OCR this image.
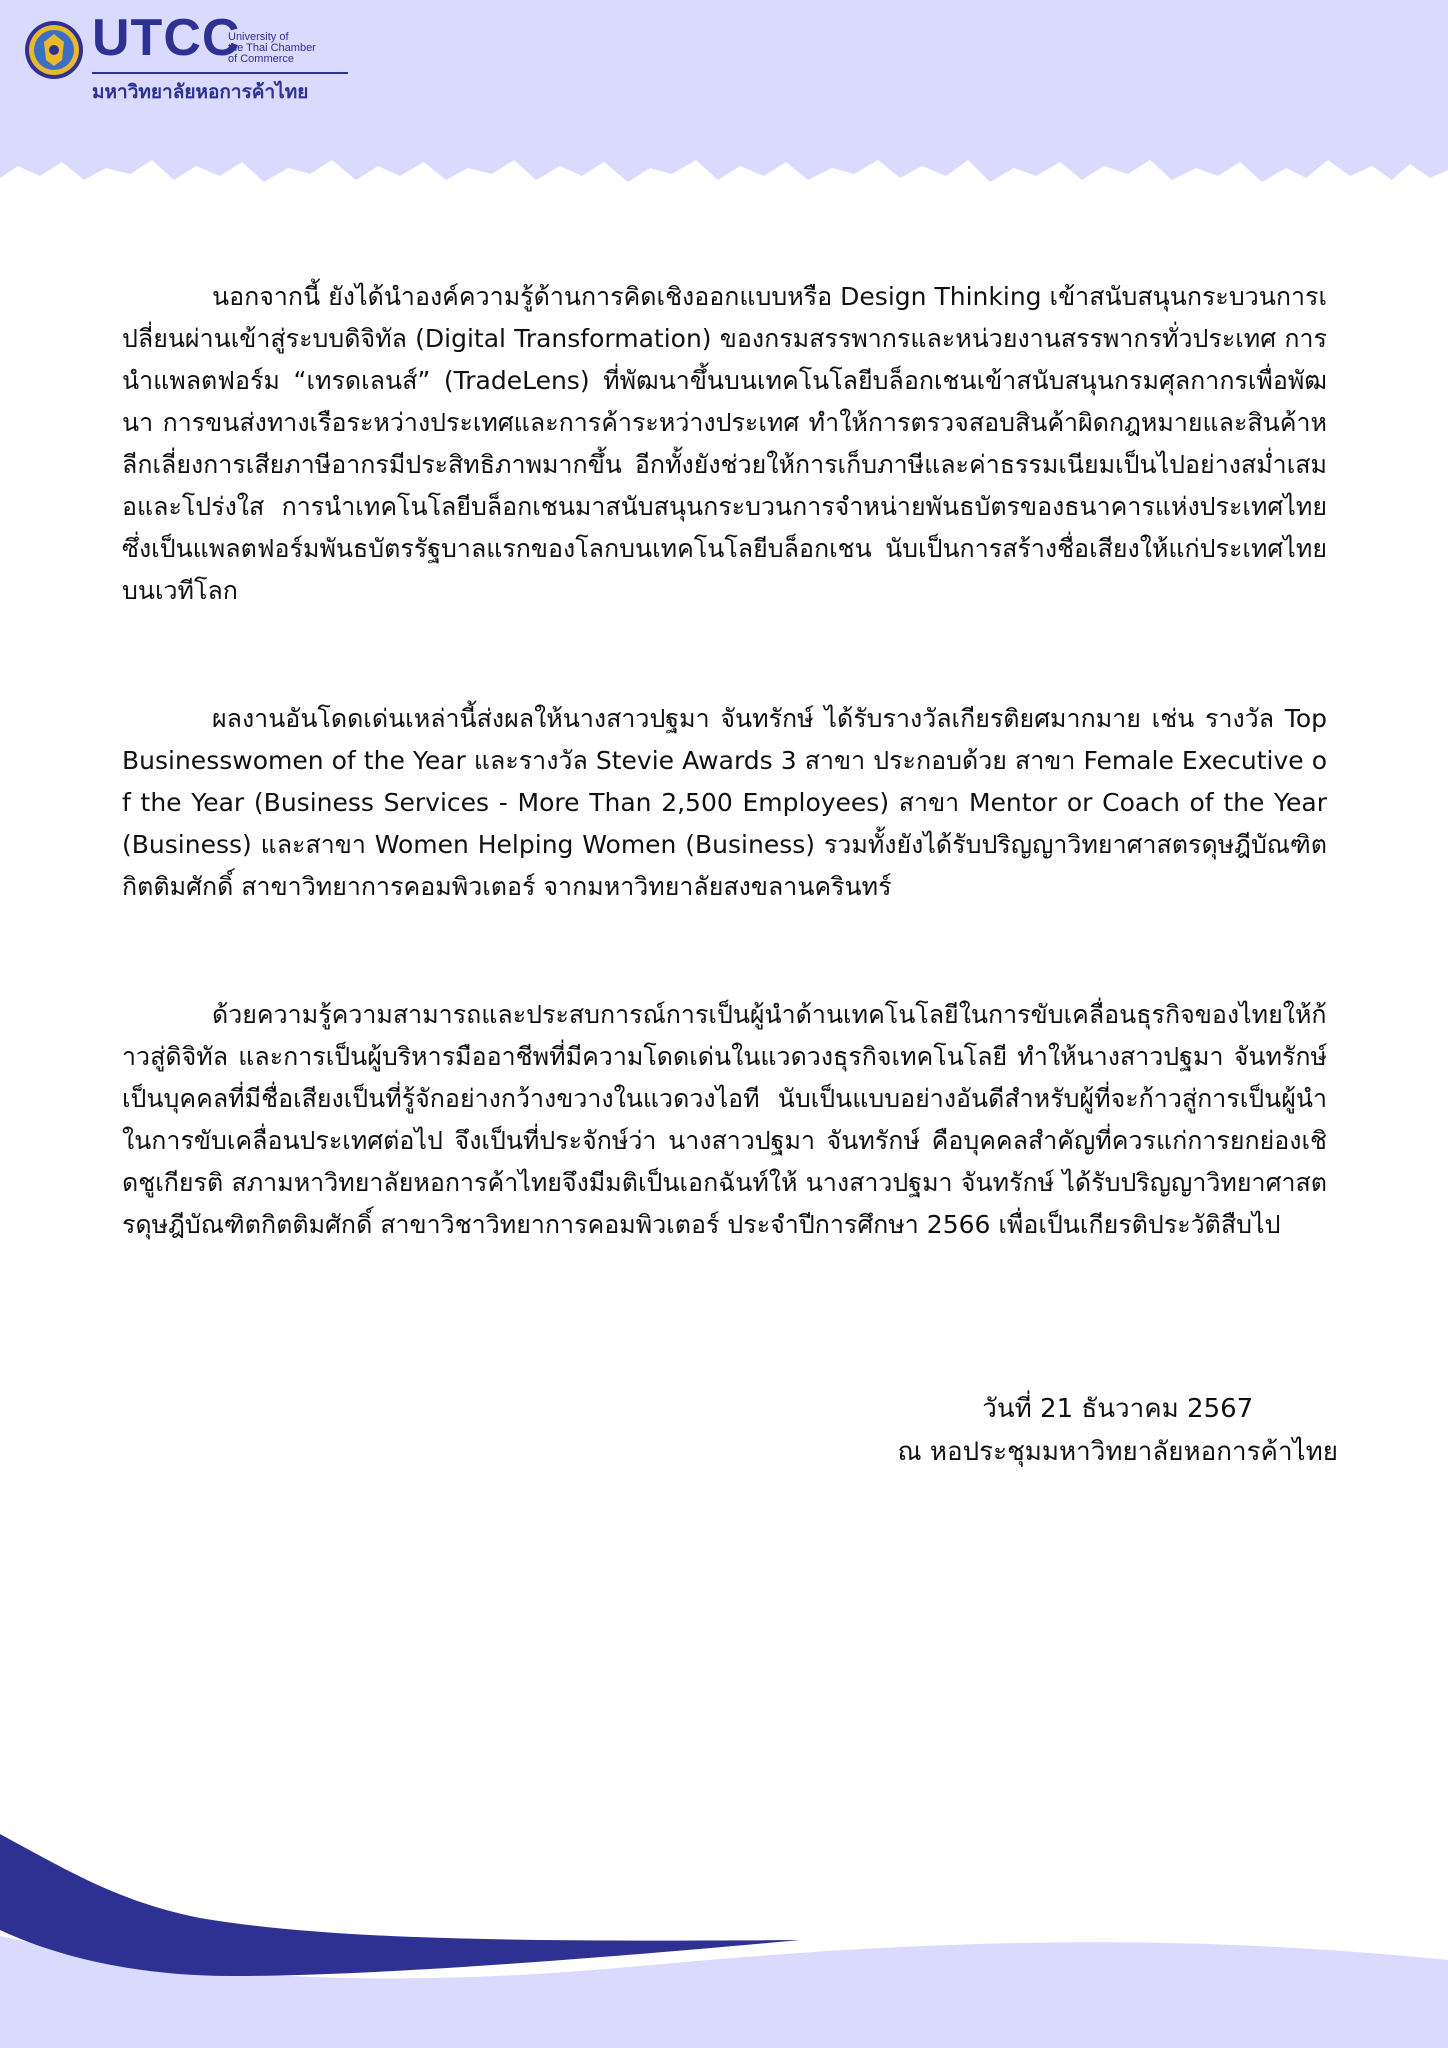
UTCC
University of
the Thai Chamber
of Commerce
มหาวิทยาลัยหอการค้าไทย

นอกจากนี้ ยังได้นำองค์ความรู้ด้านการคิดเชิงออกแบบหรือ Design Thinking เข้าสนับสนุนกระบวนการเปลี่ยนผ่านเข้าสู่ระบบดิจิทัล (Digital Transformation) ของกรมสรรพากรและหน่วยงานสรรพากรทั่วประเทศ การนำแพลตฟอร์ม “เทรดเลนส์” (TradeLens) ที่พัฒนาขึ้นบนเทคโนโลยีบล็อกเชนเข้าสนับสนุนกรมศุลกากรเพื่อพัฒนา การขนส่งทางเรือระหว่างประเทศและการค้าระหว่างประเทศ ทำให้การตรวจสอบสินค้าผิดกฎหมายและสินค้าหลีกเลี่ยงการเสียภาษีอากรมีประสิทธิภาพมากขึ้น อีกทั้งยังช่วยให้การเก็บภาษีและค่าธรรมเนียมเป็นไปอย่างสม่ำเสมอและโปร่งใส การนำเทคโนโลยีบล็อกเชนมาสนับสนุนกระบวนการจำหน่ายพันธบัตรของธนาคารแห่งประเทศไทย ซึ่งเป็นแพลตฟอร์มพันธบัตรรัฐบาลแรกของโลกบนเทคโนโลยีบล็อกเชน นับเป็นการสร้างชื่อเสียงให้แก่ประเทศไทยบนเวทีโลก

ผลงานอันโดดเด่นเหล่านี้ส่งผลให้นางสาวปฐมา จันทรักษ์ ได้รับรางวัลเกียรติยศมากมาย เช่น รางวัล Top Businesswomen of the Year และรางวัล Stevie Awards 3 สาขา ประกอบด้วย สาขา Female Executive of the Year (Business Services - More Than 2,500 Employees) สาขา Mentor or Coach of the Year (Business) และสาขา Women Helping Women (Business) รวมทั้งยังได้รับปริญญาวิทยาศาสตรดุษฎีบัณฑิตกิตติมศักดิ์ สาขาวิทยาการคอมพิวเตอร์ จากมหาวิทยาลัยสงขลานครินทร์

ด้วยความรู้ความสามารถและประสบการณ์การเป็นผู้นำด้านเทคโนโลยีในการขับเคลื่อนธุรกิจของไทยให้ก้าวสู่ดิจิทัล และการเป็นผู้บริหารมืออาชีพที่มีความโดดเด่นในแวดวงธุรกิจเทคโนโลยี ทำให้นางสาวปฐมา จันทรักษ์ เป็นบุคคลที่มีชื่อเสียงเป็นที่รู้จักอย่างกว้างขวางในแวดวงไอที นับเป็นแบบอย่างอันดีสำหรับผู้ที่จะก้าวสู่การเป็นผู้นำในการขับเคลื่อนประเทศต่อไป จึงเป็นที่ประจักษ์ว่า นางสาวปฐมา จันทรักษ์ คือบุคคลสำคัญที่ควรแก่การยกย่องเชิดชูเกียรติ สภามหาวิทยาลัยหอการค้าไทยจึงมีมติเป็นเอกฉันท์ให้ นางสาวปฐมา จันทรักษ์ ได้รับปริญญาวิทยาศาสตรดุษฎีบัณฑิตกิตติมศักดิ์ สาขาวิชาวิทยาการคอมพิวเตอร์ ประจำปีการศึกษา 2566 เพื่อเป็นเกียรติประวัติสืบไป

วันที่ 21 ธันวาคม 2567
ณ หอประชุมมหาวิทยาลัยหอการค้าไทย
